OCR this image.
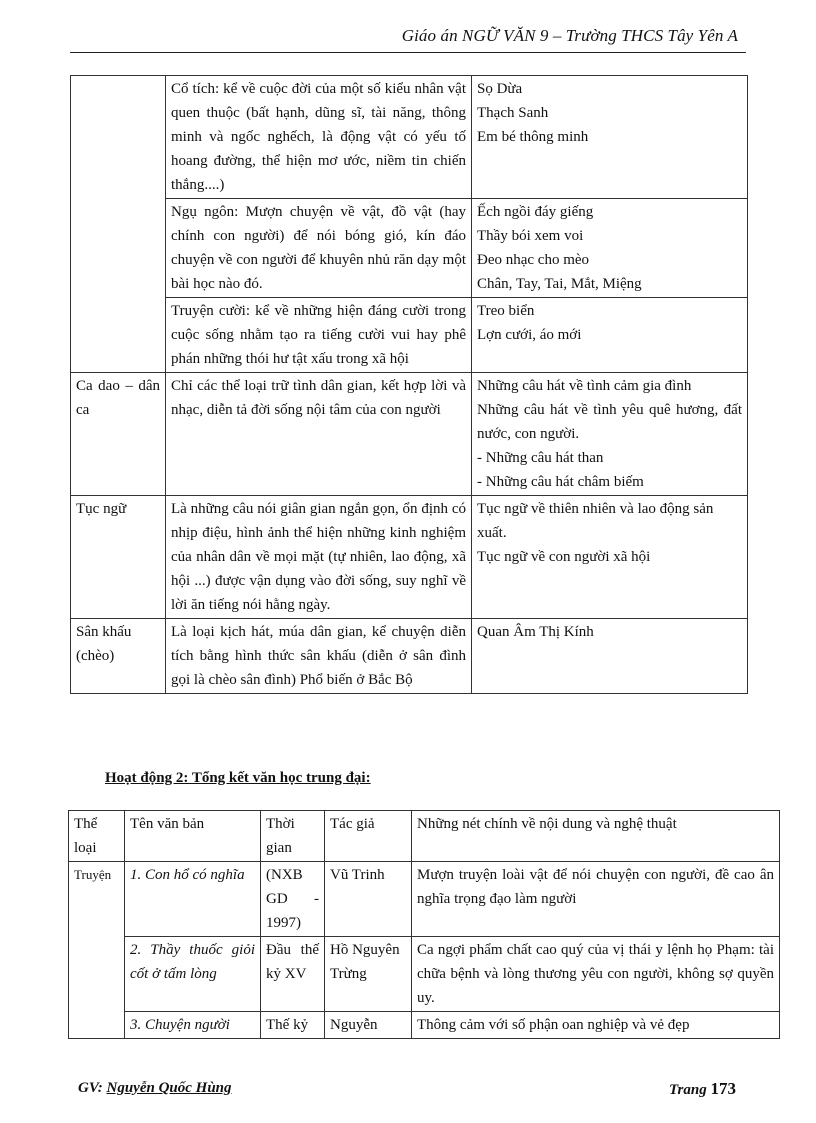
Giáo án NGỮ VĂN 9 – Trường THCS Tây Yên A
	Cổ tích: kể về cuộc đời của một số kiểu nhân vật quen thuộc (bất hạnh, dũng sĩ, tài năng, thông minh và ngốc nghếch, là động vật có yếu tố hoang đường, thể hiện mơ ước, niềm tin chiến thắng....)	Sọ Dừa
Thạch Sanh
Em bé thông minh

	Ngụ ngôn: Mượn chuyện về vật, đồ vật (hay chính con người) để nói bóng gió, kín đáo chuyện về con người để khuyên nhủ răn dạy một bài học nào đó.	Ếch ngồi đáy giếng
Thầy bói xem voi
Đeo nhạc cho mèo
Chân, Tay, Tai, Mắt, Miệng

	Truyện cười: kể về những hiện đáng cười trong cuộc sống nhằm tạo ra tiếng cười vui hay phê phán những thói hư tật xấu trong xã hội	Treo biển
Lợn cưới, áo mới

Ca dao – dân ca	Chỉ các thể loại trữ tình dân gian, kết hợp lời và nhạc, diễn tả đời sống nội tâm của con người	Những câu hát về tình cảm gia đình
Những câu hát về tình yêu quê hương, đất nước, con người.
- Những câu hát than
- Những câu hát châm biếm

Tục ngữ	Là những câu nói giân gian ngắn gọn, ổn định có nhịp điệu, hình ảnh thể hiện những kinh nghiệm của nhân dân về mọi mặt (tự nhiên, lao động, xã hội ...) được vận dụng vào đời sống, suy nghĩ về lời ăn tiếng nói hằng ngày.	Tục ngữ về thiên nhiên và lao động sản xuất.
Tục ngữ về con người xã hội

Sân khấu (chèo)	Là loại kịch hát, múa dân gian, kể chuyện diễn tích bằng hình thức sân khấu (diễn ở sân đình gọi là chèo sân đình) Phổ biến ở Bắc Bộ	Quan Âm Thị Kính
Hoạt động 2: Tổng kết văn học trung đại:
Thể loại	Tên văn bản	Thời gian	Tác giả	Những nét chính về nội dung và nghệ thuật
Truyện	1. Con hổ có nghĩa	(NXB GD - 1997)	Vũ Trinh	Mượn truyện loài vật để nói chuyện con người, đề cao ân nghĩa trọng đạo làm người
	2. Thầy thuốc giỏi cốt ở tấm lòng	Đầu thế kỷ XV	Hồ Nguyên Trừng	Ca ngợi phẩm chất cao quý của vị thái y lệnh họ Phạm: tài chữa bệnh và lòng thương yêu con người, không sợ quyền uy.
	3. Chuyện người	Thế kỷ	Nguyễn	Thông cảm với số phận oan nghiệp và vẻ đẹp
GV: Nguyễn Quốc Hùng	Trang 173
